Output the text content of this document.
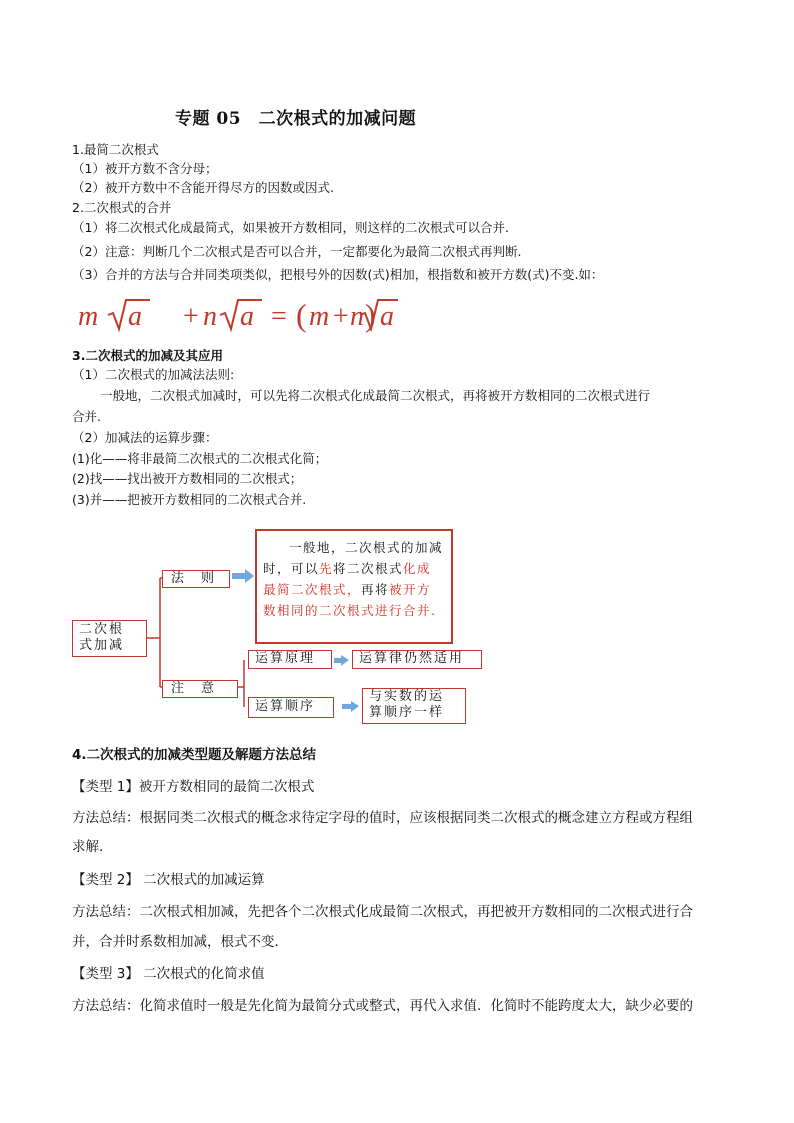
专题 05　二次根式的加减问题
1.最简二次根式
（1）被开方数不含分母；
（2）被开方数中不含能开得尽方的因数或因式.
2.二次根式的合并
（1）将二次根式化成最简式，如果被开方数相同，则这样的二次根式可以合并.
（2）注意：判断几个二次根式是否可以合并，一定都要化为最简二次根式再判断.
（3）合并的方法与合并同类项类似，把根号外的因数(式)相加，根指数和被开方数(式)不变.如：
m a + n a = ( m + n ) a
3.二次根式的加减及其应用
（1）二次根式的加减法法则:
一般地，二次根式加减时，可以先将二次根式化成最简二次根式，再将被开方数相同的二次根式进行
合并.
（2）加减法的运算步骤：
(1)化——将非最简二次根式的二次根式化简；
(2)找——找出被开方数相同的二次根式；
(3)并——把被开方数相同的二次根式合并.
二次根
式加减
法　则
一般地，二次根式的加减时，可以先将二次根式化成最简二次根式，再将被开方数相同的二次根式进行合并.
注　意
运算原理	运算律仍然适用
运算顺序
与实数的运
算顺序一样
4.二次根式的加减类型题及解题方法总结
【类型 1】被开方数相同的最简二次根式
方法总结：根据同类二次根式的概念求待定字母的值时，应该根据同类二次根式的概念建立方程或方程组
求解．
【类型 2】 二次根式的加减运算
方法总结：二次根式相加减，先把各个二次根式化成最简二次根式，再把被开方数相同的二次根式进行合
并，合并时系数相加减，根式不变．
【类型 3】 二次根式的化简求值
方法总结：化简求值时一般是先化简为最简分式或整式，再代入求值．化简时不能跨度太大，缺少必要的
